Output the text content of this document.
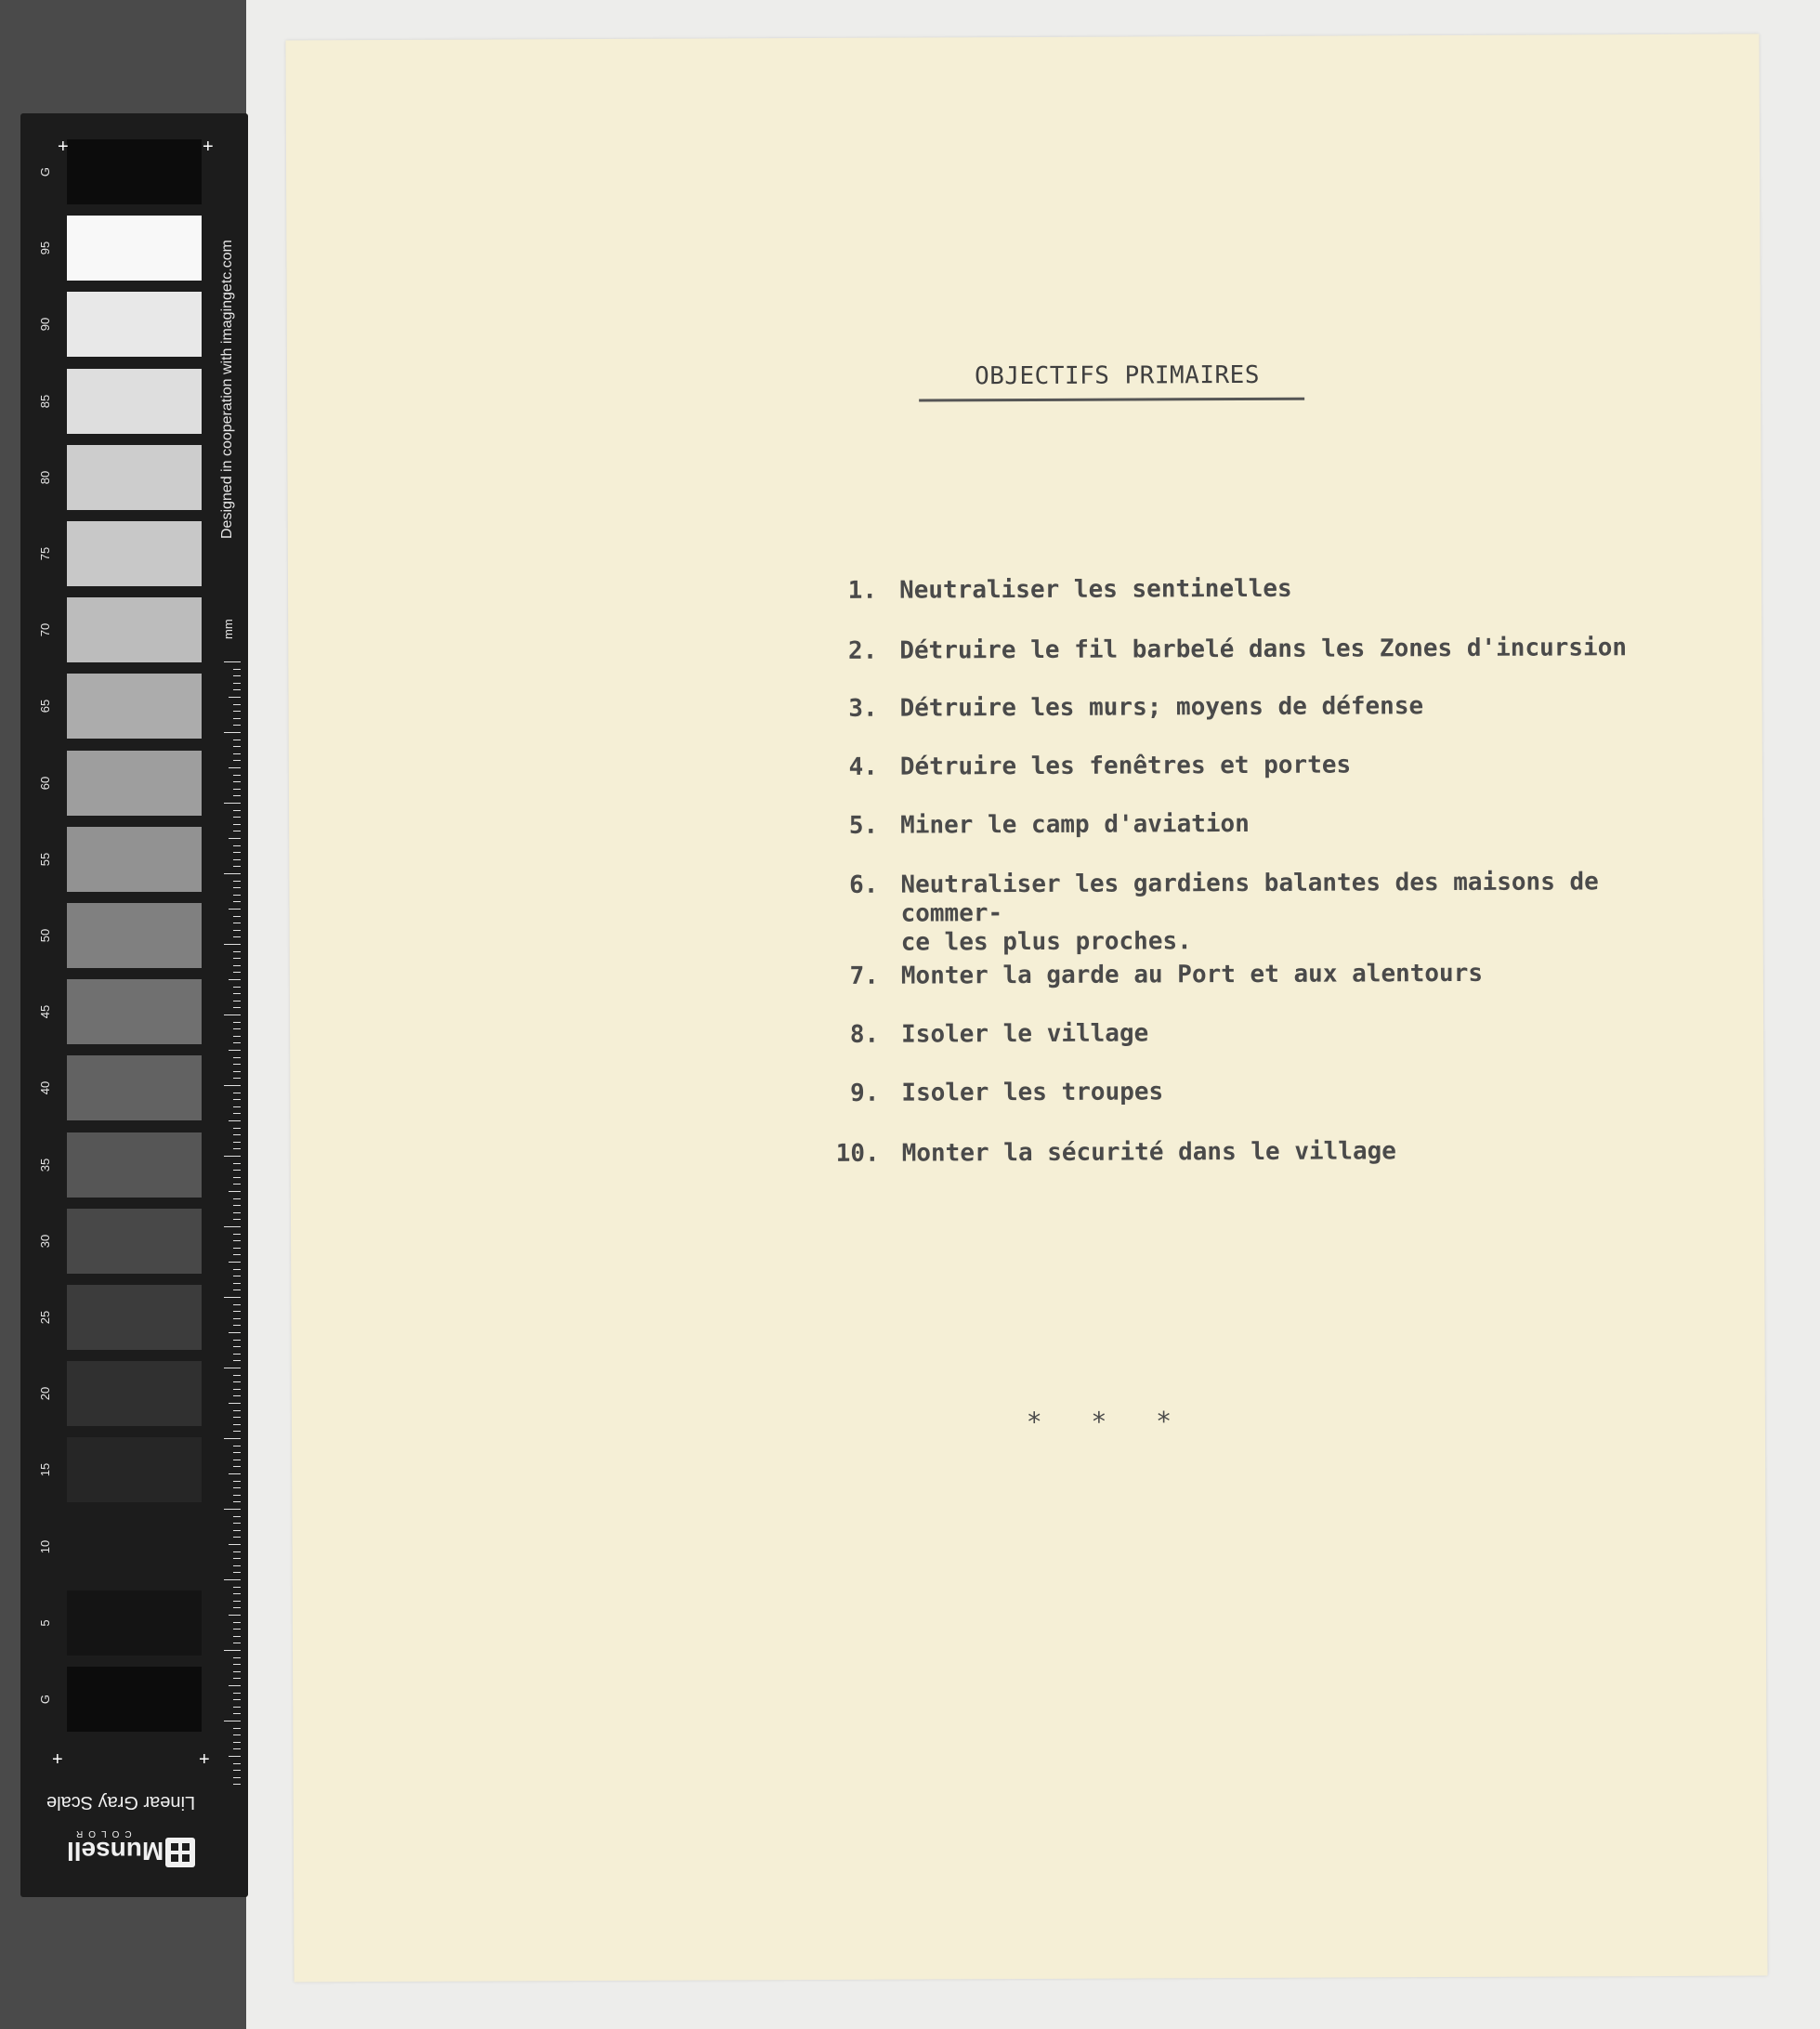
G
95
90
85
80
75
70
65
60
55
50
45
40
35
30
25
20
15
10
5
G
+	+
+	+
Designed in cooperation with imagingetc.com
mm
Linear Gray Scale
COLOR
Munsell
OBJECTIFS PRIMAIRES
1. Neutraliser les sentinelles
2. Détruire le fil barbelé dans les Zones d'incursion
3. Détruire les murs; moyens de défense
4. Détruire les fenêtres et portes
5. Miner le camp d'aviation
6. Neutraliser les gardiens balantes des maisons de commer-
ce les plus proches.
7. Monter la garde au Port et aux alentours
8. Isoler le village
9. Isoler les troupes
10. Monter la sécurité dans le village
* * *
